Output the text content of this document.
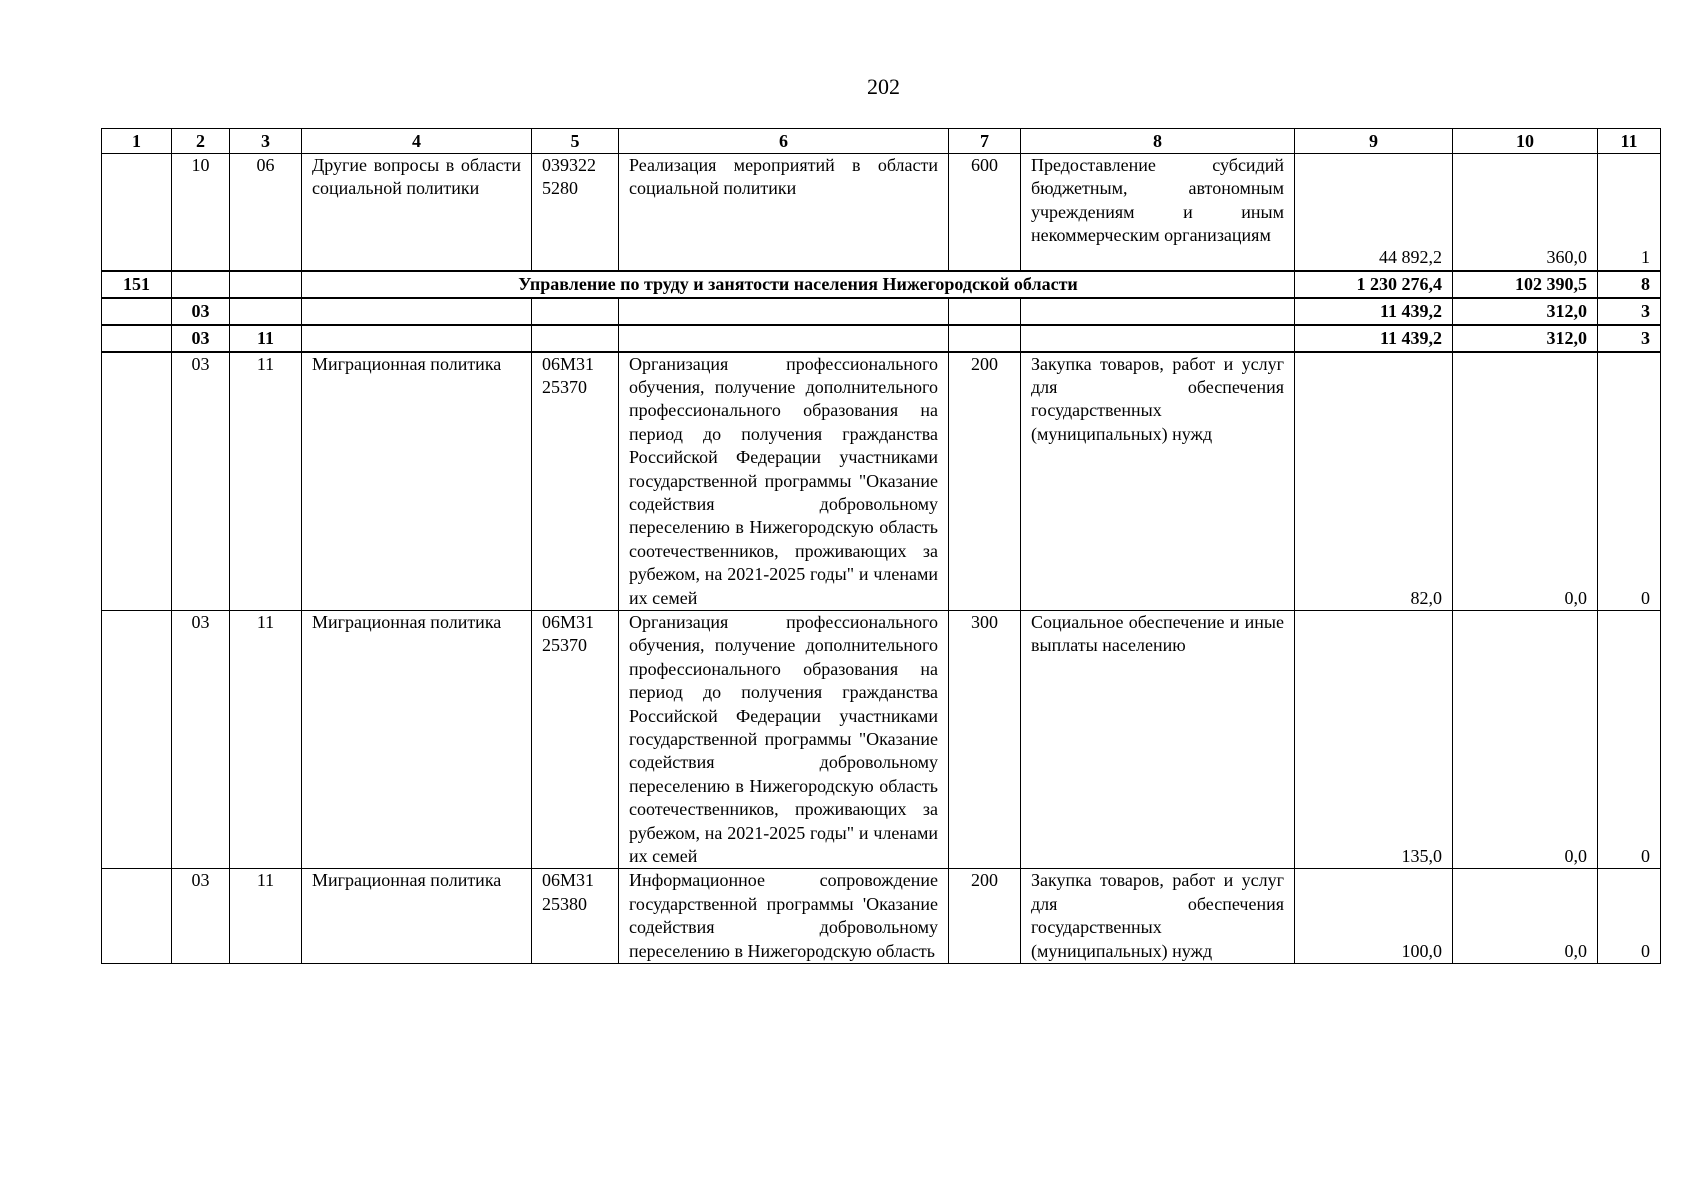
202
1	2	3	4	5	6	7	8	9	10	11
	10	06	Другие вопросы в области социальной политики	039322 5280	Реализация мероприятий в области социальной политики	600	Предоставление субсидий бюджетным, автономным учреждениям и иным некоммерческим организациям	44 892,2	360,0	1
151			Управление по труду и занятости населения Нижегородской области					1 230 276,4	102 390,5	8
	03							11 439,2	312,0	3
	03	11						11 439,2	312,0	3
	03	11	Миграционная политика	06М31 25370	Организация профессионального обучения, получение дополнительного профессионального образования на период до получения гражданства Российской Федерации участниками государственной программы "Оказание содействия добровольному переселению в Нижегородскую область соотечественников, проживающих за рубежом, на 2021-2025 годы" и членами их семей	200	Закупка товаров, работ и услуг для обеспечения государственных (муниципальных) нужд	82,0	0,0	0
	03	11	Миграционная политика	06М31 25370	Организация профессионального обучения, получение дополнительного профессионального образования на период до получения гражданства Российской Федерации участниками государственной программы "Оказание содействия добровольному переселению в Нижегородскую область соотечественников, проживающих за рубежом, на 2021-2025 годы" и членами их семей	300	Социальное обеспечение и иные выплаты населению	135,0	0,0	0
	03	11	Миграционная политика	06М31 25380	Информационное сопровождение государственной программы 'Оказание содействия добровольному переселению в Нижегородскую область	200	Закупка товаров, работ и услуг для обеспечения государственных (муниципальных) нужд	100,0	0,0	0
